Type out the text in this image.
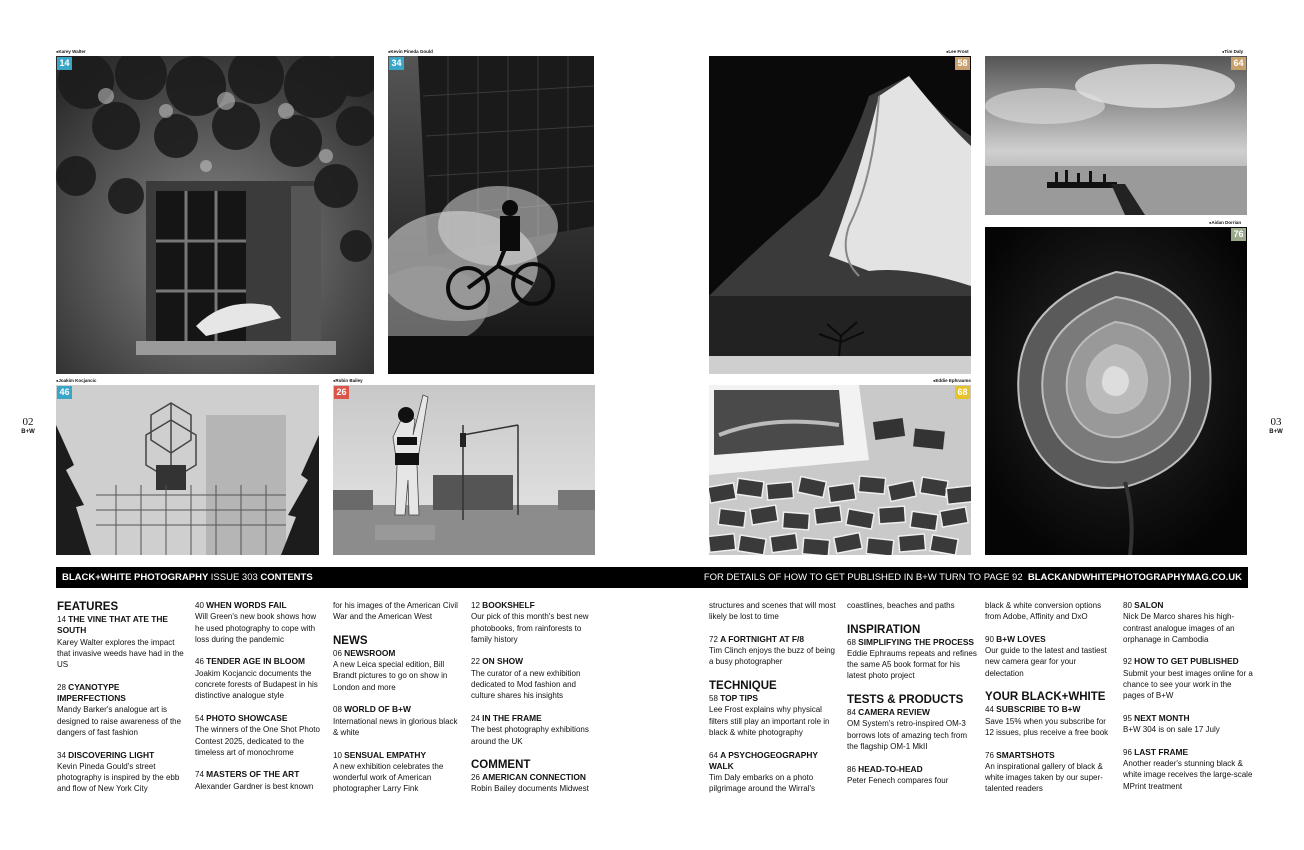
02
B+W
03
B+W
● Karey Walter	● Kevin Pineda Gould
● Joakim Kocjancic	● Robin Bailey
● Lee Frost	● Tim Daly
● Aidan Dorrian
● Eddie Ephraums
14	34
46	26
58	64
68
76
BLACK+WHITE PHOTOGRAPHY ISSUE 303 CONTENTS	FOR DETAILS OF HOW TO GET PUBLISHED IN B+W TURN TO PAGE 92 BLACKANDWHITEPHOTOGRAPHYMAG.CO.UK
FEATURES
14 THE VINE THAT ATE THE SOUTH

Karey Walter explores the impact that invasive weeds have had in the US

28 CYANOTYPE IMPERFECTIONS

Mandy Barker's analogue art is designed to raise awareness of the dangers of fast fashion

34 DISCOVERING LIGHT

Kevin Pineda Gould's street photography is inspired by the ebb and flow of New York City

40 WHEN WORDS FAIL

Will Green's new book shows how he used photography to cope with loss during the pandemic

46 TENDER AGE IN BLOOM

Joakim Kocjancic documents the concrete forests of Budapest in his distinctive analogue style

54 PHOTO SHOWCASE

The winners of the One Shot Photo Contest 2025, dedicated to the timeless art of monochrome

74 MASTERS OF THE ART

Alexander Gardner is best known

for his images of the American Civil War and the American West

NEWS
06 NEWSROOM

A new Leica special edition, Bill Brandt pictures to go on show in London and more

08 WORLD OF B+W

International news in glorious black & white

10 SENSUAL EMPATHY

A new exhibition celebrates the wonderful work of American photographer Larry Fink

12 BOOKSHELF

Our pick of this month's best new photobooks, from rainforests to family history

22 ON SHOW

The curator of a new exhibition dedicated to Mod fashion and culture shares his insights

24 IN THE FRAME

The best photography exhibitions around the UK

COMMENT
26 AMERICAN CONNECTION

Robin Bailey documents Midwest

structures and scenes that will most likely be lost to time

72 A FORTNIGHT AT F/8

Tim Clinch enjoys the buzz of being a busy photographer

TECHNIQUE
58 TOP TIPS

Lee Frost explains why physical filters still play an important role in black & white photography

64 A PSYCHOGEOGRAPHY WALK

Tim Daly embarks on a photo pilgrimage around the Wirral's

coastlines, beaches and paths

INSPIRATION
68 SIMPLIFYING THE PROCESS

Eddie Ephraums repeats and refines the same A5 book format for his latest photo project

TESTS & PRODUCTS
84 CAMERA REVIEW

OM System's retro-inspired OM-3 borrows lots of amazing tech from the flagship OM-1 MkII

86 HEAD-TO-HEAD

Peter Fenech compares four

black & white conversion options from Adobe, Affinity and DxO

90 B+W LOVES

Our guide to the latest and tastiest new camera gear for your delectation

YOUR BLACK+WHITE
44 SUBSCRIBE TO B+W

Save 15% when you subscribe for 12 issues, plus receive a free book

76 SMARTSHOTS

An inspirational gallery of black & white images taken by our super-talented readers

80 SALON

Nick De Marco shares his high-contrast analogue images of an orphanage in Cambodia

92 HOW TO GET PUBLISHED

Submit your best images online for a chance to see your work in the pages of B+W

95 NEXT MONTH

B+W 304 is on sale 17 July

96 LAST FRAME

Another reader's stunning black & white image receives the large-scale MPrint treatment
